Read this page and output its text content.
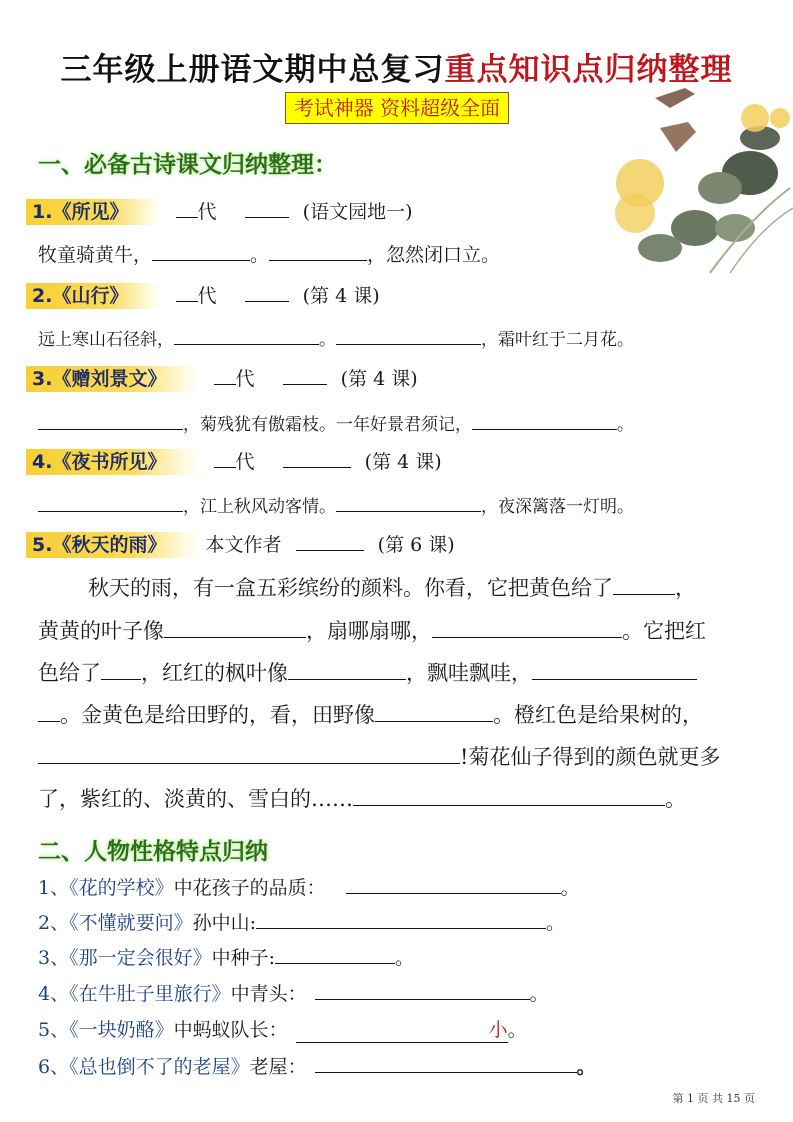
三年级上册语文期中总复习重点知识点归纳整理
考试神器 资料超级全面
一、必备古诗课文归纳整理：
1.《所见》	代	(语文园地一)
牧童骑黄牛，	。	，忽然闭口立。
2.《山行》	代	(第 4 课)
远上寒山石径斜，	。	，霜叶红于二月花。
3.《赠刘景文》	代	(第 4 课)
，菊残犹有傲霜枝。一年好景君须记，	。
4.《夜书所见》	代	(第 4 课)
，江上秋风动客情。	，夜深篱落一灯明。
5.《秋天的雨》 本文作者	(第 6 课)
秋天的雨，有一盒五彩缤纷的颜料。你看，它把黄色给了	，
黄黄的叶子像	，扇哪扇哪，	。它把红
色给了 ，红红的枫叶像	，飘哇飘哇，
。金黄色是给田野的，看，田野像	。橙红色是给果树的，
!菊花仙子得到的颜色就更多
了，紫红的、淡黄的、雪白的……	。
二、人物性格特点归纳
1、《花的学校》中花孩子的品质：	。
2、《不懂就要问》孙中山:	。
3、《那一定会很好》中种子:	。
4、《在牛肚子里旅行》中青头：	。
5、《一块奶酪》中蚂蚁队长：	小。
6、《总也倒不了的老屋》老屋：	。
第 1 页 共 15 页
